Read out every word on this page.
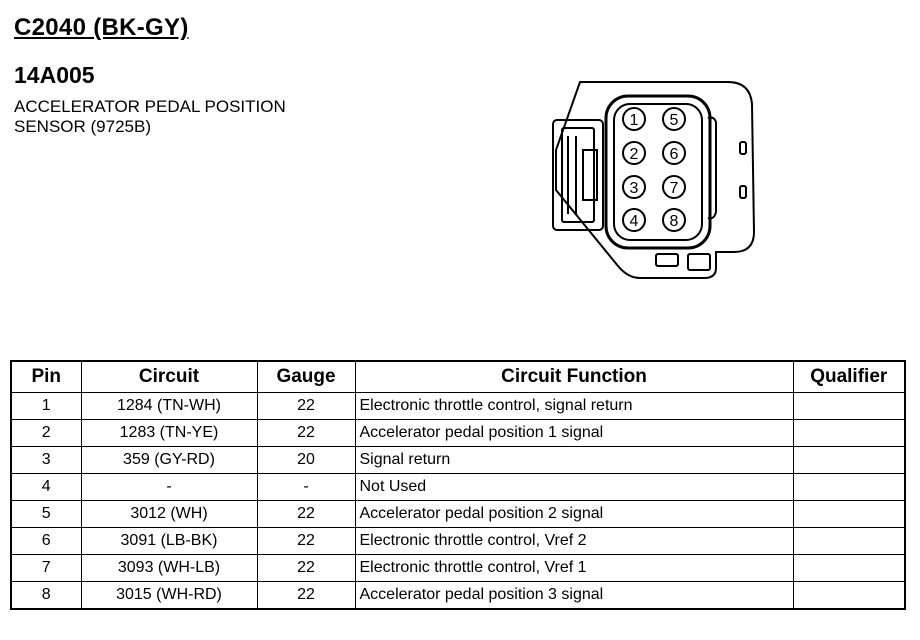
C2040 (BK-GY)
14A005
ACCELERATOR PEDAL POSITION
SENSOR (9725B)	1
2
3
4
5
6
7
8
Pin	Circuit	Gauge	Circuit Function	Qualifier
1	1284 (TN-WH)	22	Electronic throttle control, signal return	
2	1283 (TN-YE)	22	Accelerator pedal position 1 signal	
3	359 (GY-RD)	20	Signal return	
4	-	-	Not Used	
5	3012 (WH)	22	Accelerator pedal position 2 signal	
6	3091 (LB-BK)	22	Electronic throttle control, Vref 2	
7	3093 (WH-LB)	22	Electronic throttle control, Vref 1	
8	3015 (WH-RD)	22	Accelerator pedal position 3 signal	
